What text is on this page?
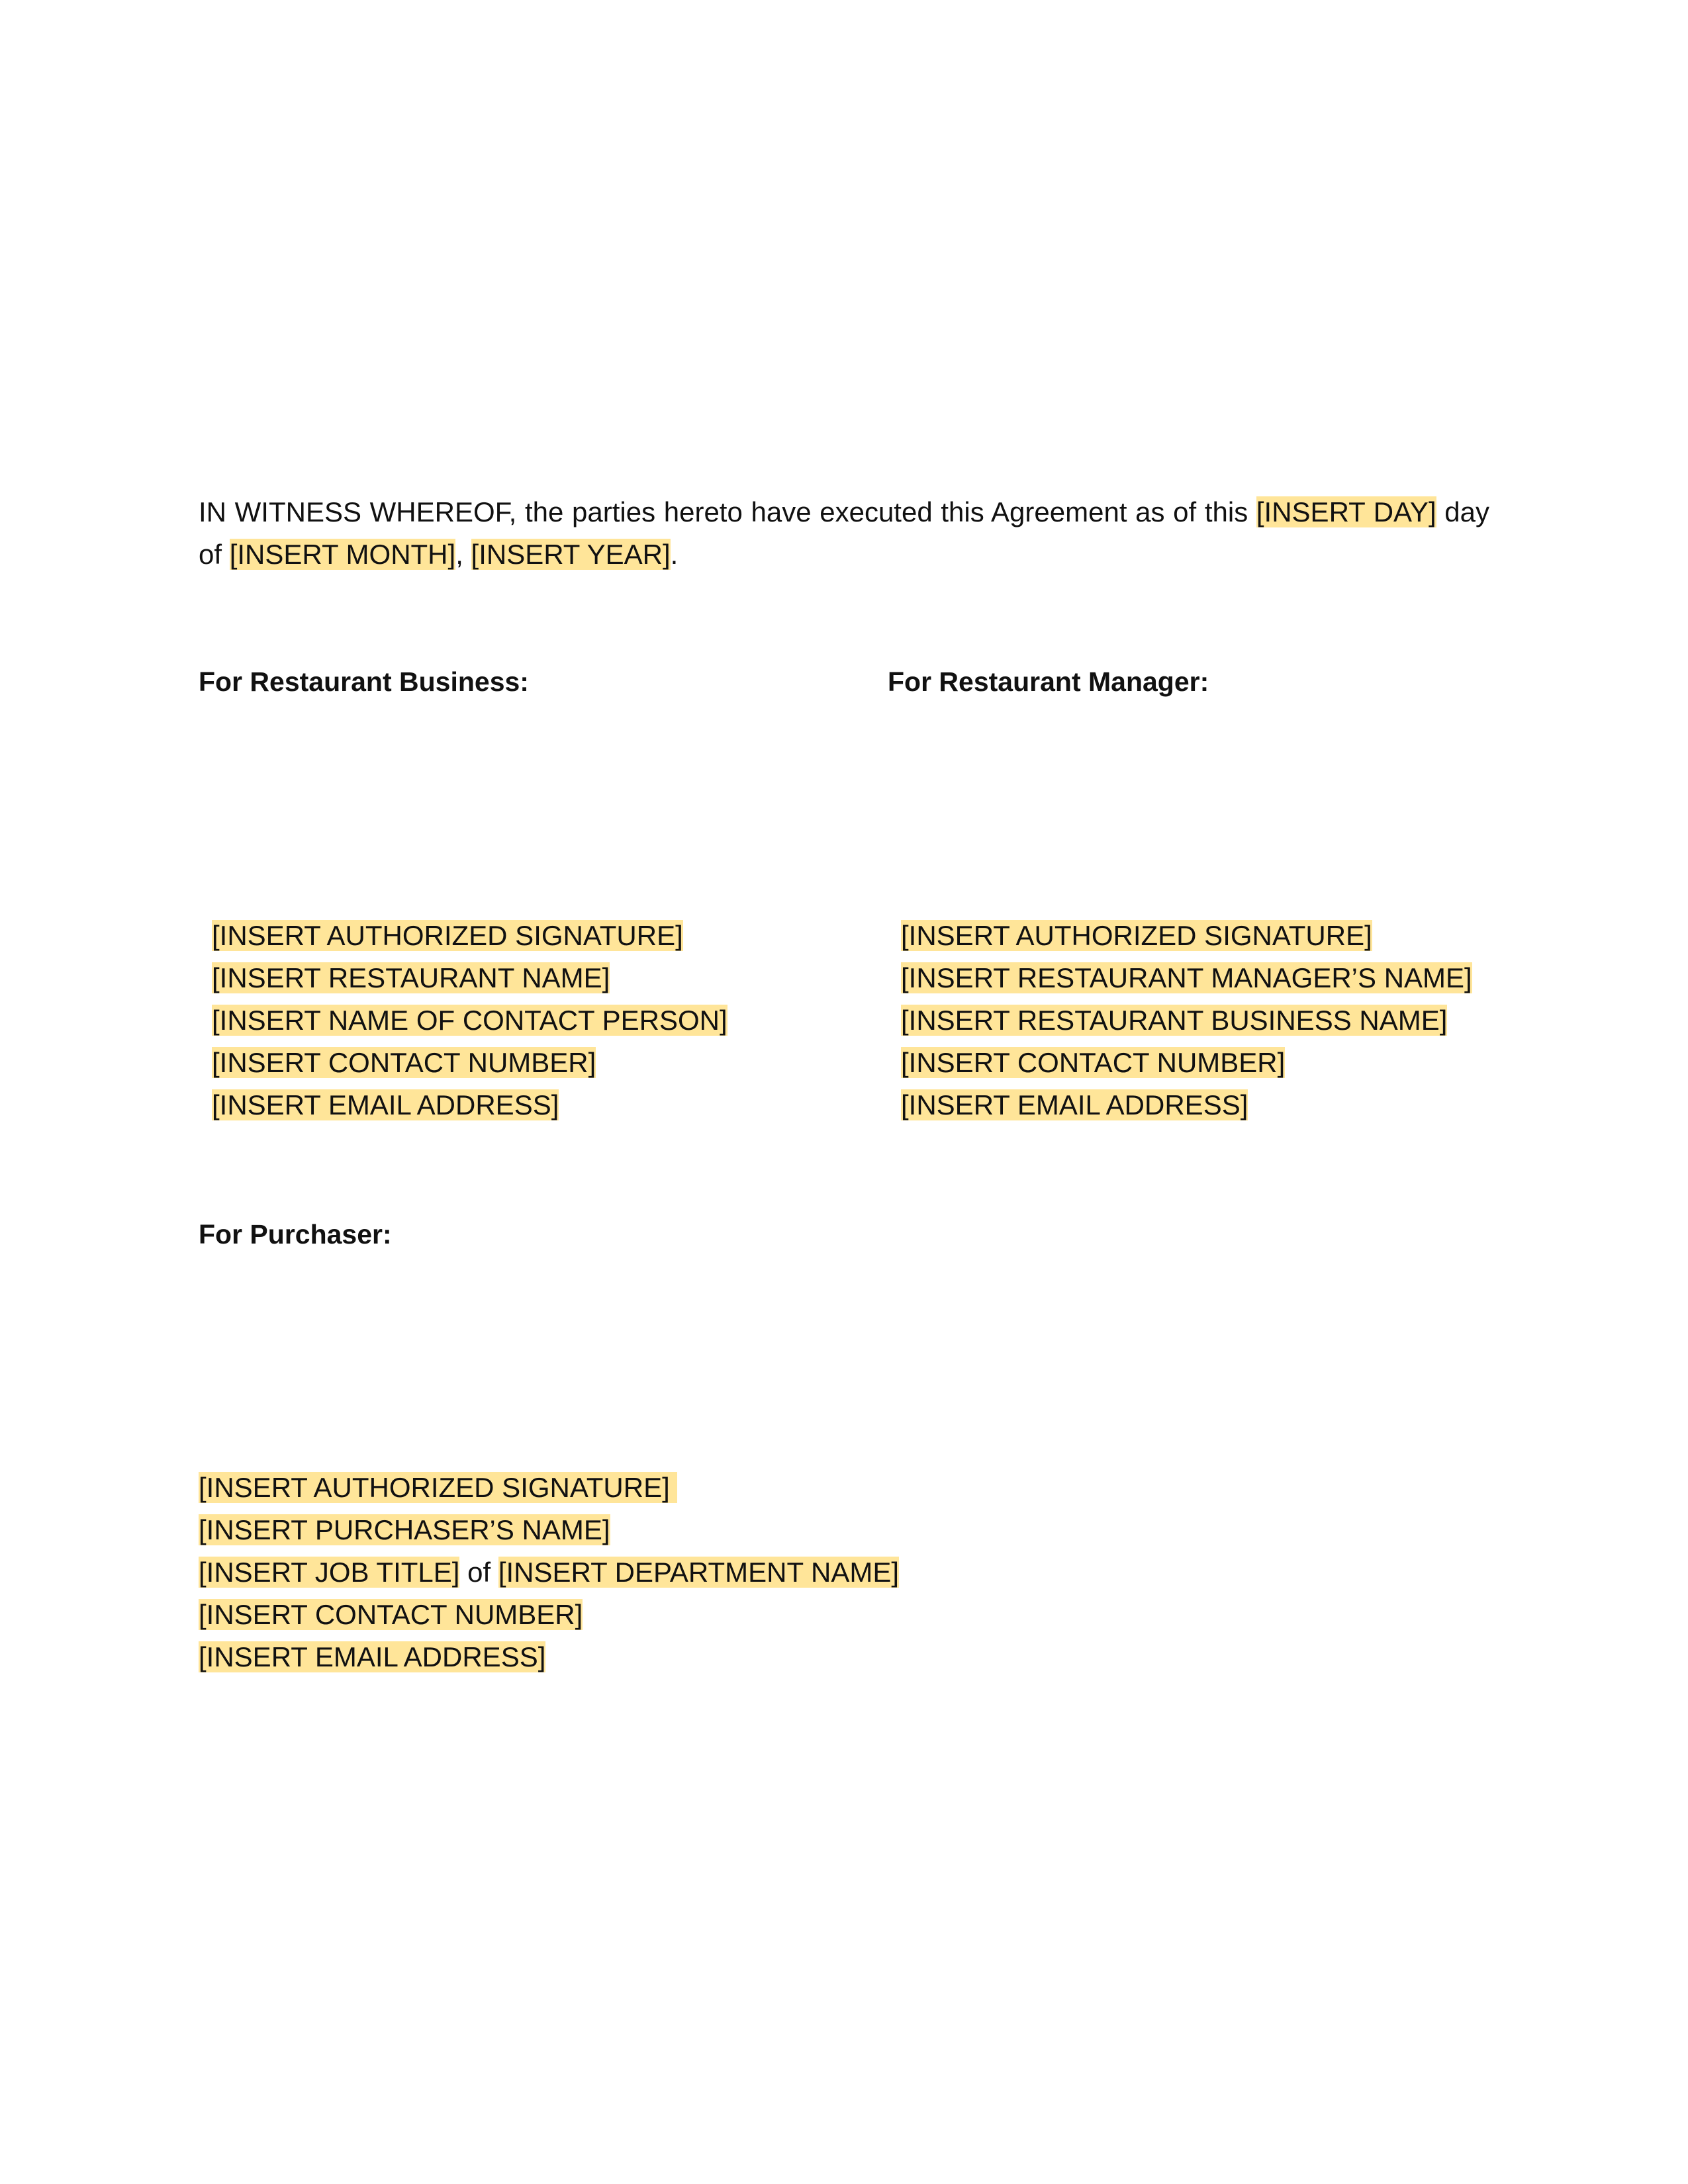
IN WITNESS WHEREOF, the parties hereto have executed this Agreement as of this [INSERT DAY] day of [INSERT MONTH], [INSERT YEAR].

For Restaurant Business:	For Restaurant Manager:
[INSERT AUTHORIZED SIGNATURE]
[INSERT RESTAURANT NAME]
[INSERT NAME OF CONTACT PERSON]
[INSERT CONTACT NUMBER]
[INSERT EMAIL ADDRESS]
[INSERT AUTHORIZED SIGNATURE]
[INSERT RESTAURANT MANAGER’S NAME]
[INSERT RESTAURANT BUSINESS NAME]
[INSERT CONTACT NUMBER]
[INSERT EMAIL ADDRESS]
For Purchaser:
[INSERT AUTHORIZED SIGNATURE]
[INSERT PURCHASER’S NAME]
[INSERT JOB TITLE] of [INSERT DEPARTMENT NAME]
[INSERT CONTACT NUMBER]
[INSERT EMAIL ADDRESS]
